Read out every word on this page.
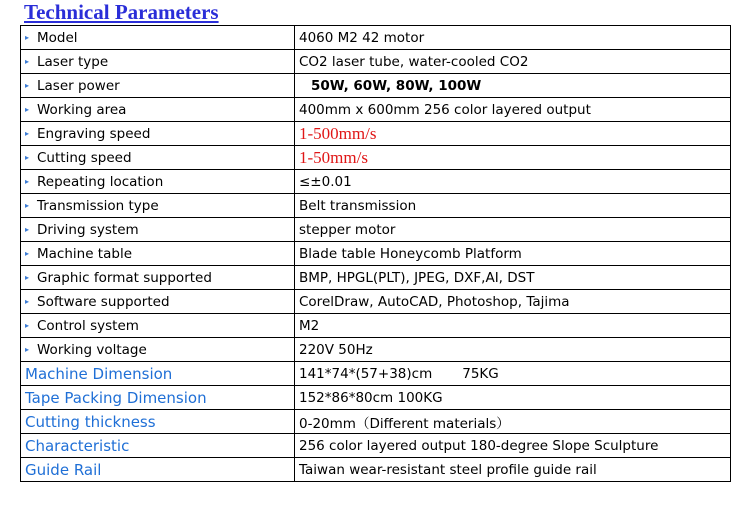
Technical Parameters
▸ Model	4060 M2 42 motor
▸ Laser type	CO2 laser tube, water-cooled CO2
▸ Laser power	50W, 60W, 80W, 100W
▸ Working area	400mm x 600mm 256 color layered output
▸ Engraving speed	1-500mm/s
▸ Cutting speed	1-50mm/s
▸ Repeating location	≤±0.01
▸ Transmission type	Belt transmission
▸ Driving system	stepper motor
▸ Machine table	Blade table Honeycomb Platform
▸ Graphic format supported	BMP, HPGL(PLT), JPEG, DXF,AI, DST
▸ Software supported	CorelDraw, AutoCAD, Photoshop, Tajima
▸ Control system	M2
▸ Working voltage	220V 50Hz
Machine Dimension	141*74*(57+38)cm 75KG
Tape Packing Dimension	152*86*80cm 100KG
Cutting thickness	0-20mm（Different materials）
Characteristic	256 color layered output 180-degree Slope Sculpture
Guide Rail	Taiwan wear-resistant steel profile guide rail
